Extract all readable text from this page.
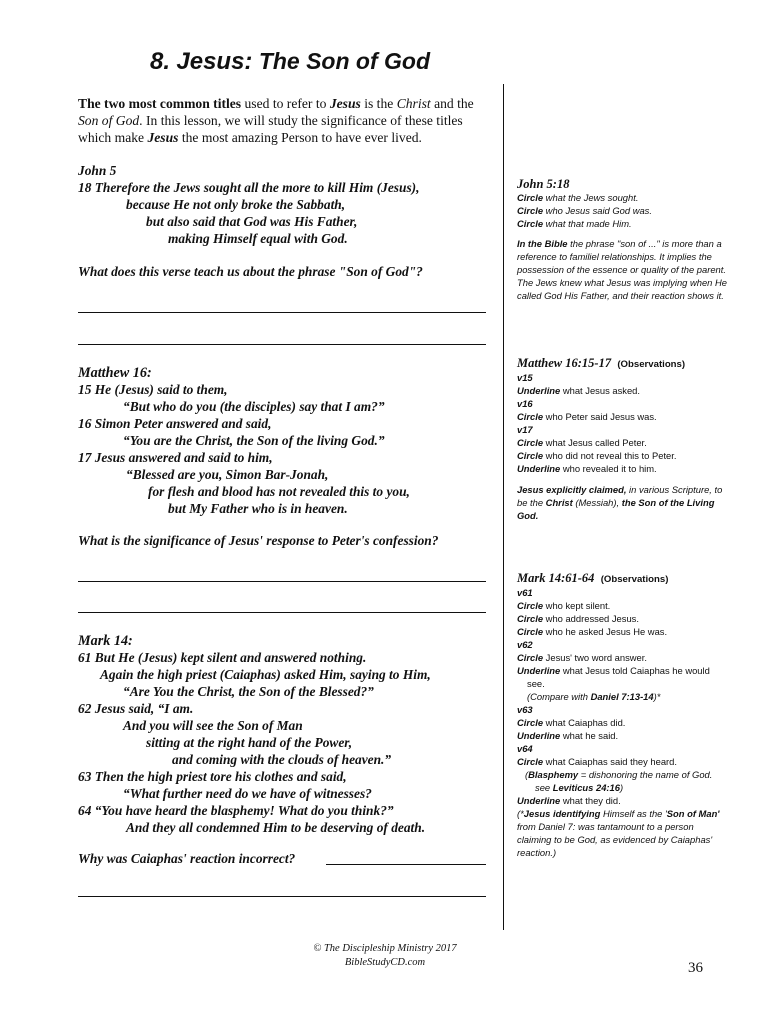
8. Jesus: The Son of God
The two most common titles used to refer to Jesus is the Christ and the Son of God. In this lesson, we will study the significance of these titles which make Jesus the most amazing Person to have ever lived.
John 5
18 Therefore the Jews sought all the more to kill Him (Jesus),
because He not only broke the Sabbath,
but also said that God was His Father,
making Himself equal with God.
What does this verse teach us about the phrase "Son of God"?
Matthew 16:
15 He (Jesus) said to them,
“But who do you (the disciples) say that I am?”
16 Simon Peter answered and said,
“You are the Christ, the Son of the living God.”
17 Jesus answered and said to him,
“Blessed are you, Simon Bar-Jonah,
for flesh and blood has not revealed this to you,
but My Father who is in heaven.
What is the significance of Jesus' response to Peter's confession?
Mark 14:
61 But He (Jesus) kept silent and answered nothing.
Again the high priest (Caiaphas) asked Him, saying to Him,
“Are You the Christ, the Son of the Blessed?”
62 Jesus said, “I am.
And you will see the Son of Man
sitting at the right hand of the Power,
and coming with the clouds of heaven.”
63 Then the high priest tore his clothes and said,
“What further need do we have of witnesses?
64 “You have heard the blasphemy! What do you think?”
And they all condemned Him to be deserving of death.
Why was Caiaphas' reaction incorrect?
John 5:18
Circle what the Jews sought.
Circle who Jesus said God was.
Circle what that made Him.
In the Bible the phrase "son of ..." is more than a reference to familiel relationships. It implies the possession of the essence or quality of the parent. The Jews knew what Jesus was implying when He called God His Father, and their reaction shows it.
Matthew 16:15-17 (Observations)
v15
Underline what Jesus asked.
v16
Circle who Peter said Jesus was.
v17
Circle what Jesus called Peter.
Circle who did not reveal this to Peter.
Underline who revealed it to him.
Jesus explicitly claimed, in various Scripture, to be the Christ (Messiah), the Son of the Living God.
Mark 14:61-64 (Observations)
v61
Circle who kept silent.
Circle who addressed Jesus.
Circle who he asked Jesus He was.
v62
Circle Jesus' two word answer.
Underline what Jesus told Caiaphas he would see.
(Compare with Daniel 7:13-14)*
v63
Circle what Caiaphas did.
Underline what he said.
v64
Circle what Caiaphas said they heard.
(Blasphemy = dishonoring the name of God. see Leviticus 24:16)
Underline what they did.
(*Jesus identifying Himself as the 'Son of Man' from Daniel 7: was tantamount to a person claiming to be God, as evidenced by Caiaphas' reaction.)
© The Discipleship Ministry 2017
BibleStudyCD.com	36
